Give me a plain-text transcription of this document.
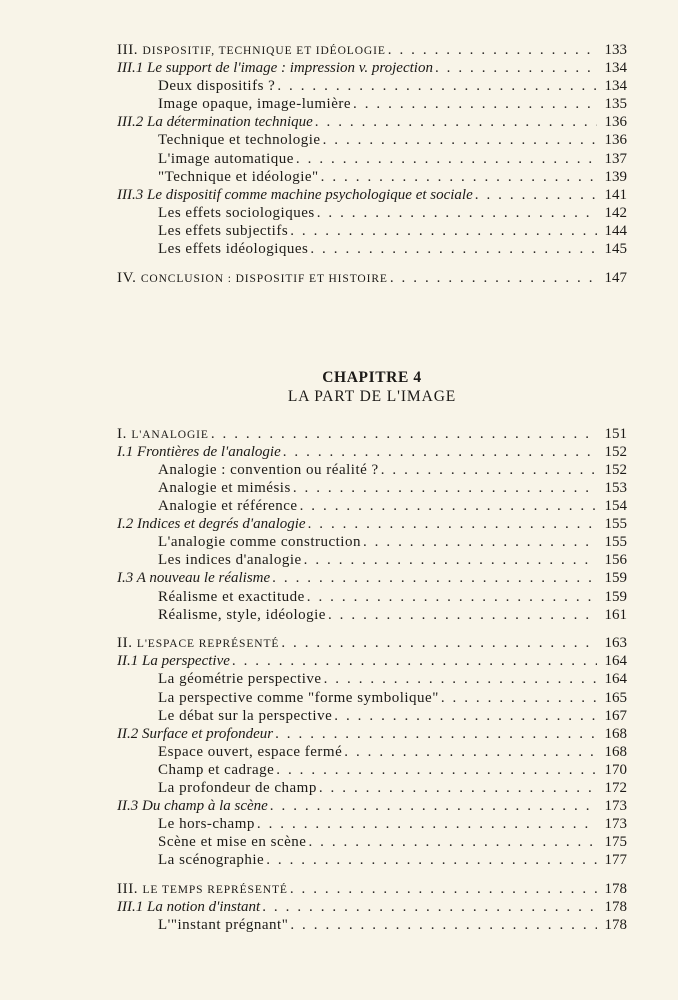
III. DISPOSITIF, TECHNIQUE ET IDÉOLOGIE . . .	133
III.1 Le support de l'image : impression v. projection . . .	134
Deux dispositifs ? . . .	134
Image opaque, image-lumière . . .	135
III.2 La détermination technique . . .	136
Technique et technologie . . .	136
L'image automatique . . .	137
"Technique et idéologie" . . .	139
III.3 Le dispositif comme machine psychologique et sociale . . .	141
Les effets sociologiques . . .	142
Les effets subjectifs . . .	144
Les effets idéologiques . . .	145
IV. CONCLUSION : DISPOSITIF ET HISTOIRE . . .	147
CHAPITRE 4
LA PART DE L'IMAGE
I. L'ANALOGIE . . .	151
I.1 Frontières de l'analogie . . .	152
Analogie : convention ou réalité ? . . .	152
Analogie et mimésis . . .	153
Analogie et référence . . .	154
I.2 Indices et degrés d'analogie . . .	155
L'analogie comme construction . . .	155
Les indices d'analogie . . .	156
I.3 A nouveau le réalisme . . .	159
Réalisme et exactitude . . .	159
Réalisme, style, idéologie . . .	161
II. L'ESPACE REPRÉSENTÉ . . .	163
II.1 La perspective . . .	164
La géométrie perspective . . .	164
La perspective comme "forme symbolique" . . .	165
Le débat sur la perspective . . .	167
II.2 Surface et profondeur . . .	168
Espace ouvert, espace fermé . . .	168
Champ et cadrage . . .	170
La profondeur de champ . . .	172
II.3 Du champ à la scène . . .	173
Le hors-champ . . .	173
Scène et mise en scène . . .	175
La scénographie . . .	177
III. LE TEMPS REPRÉSENTÉ . . .	178
III.1 La notion d'instant . . .	178
L'"instant prégnant" . . .	178
